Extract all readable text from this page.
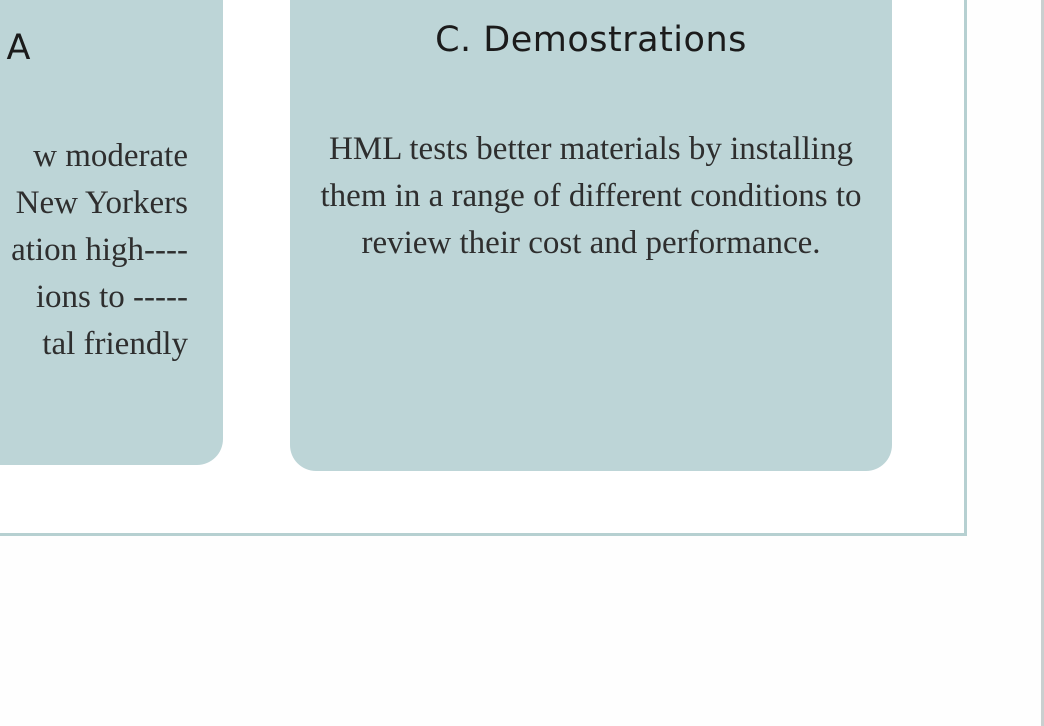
A
w moderate
New Yorkers
ation high----
ions to -----
tal friendly
C. Demostrations
HML tests better materials by installing them in a range of different conditions to review their cost and performance.
